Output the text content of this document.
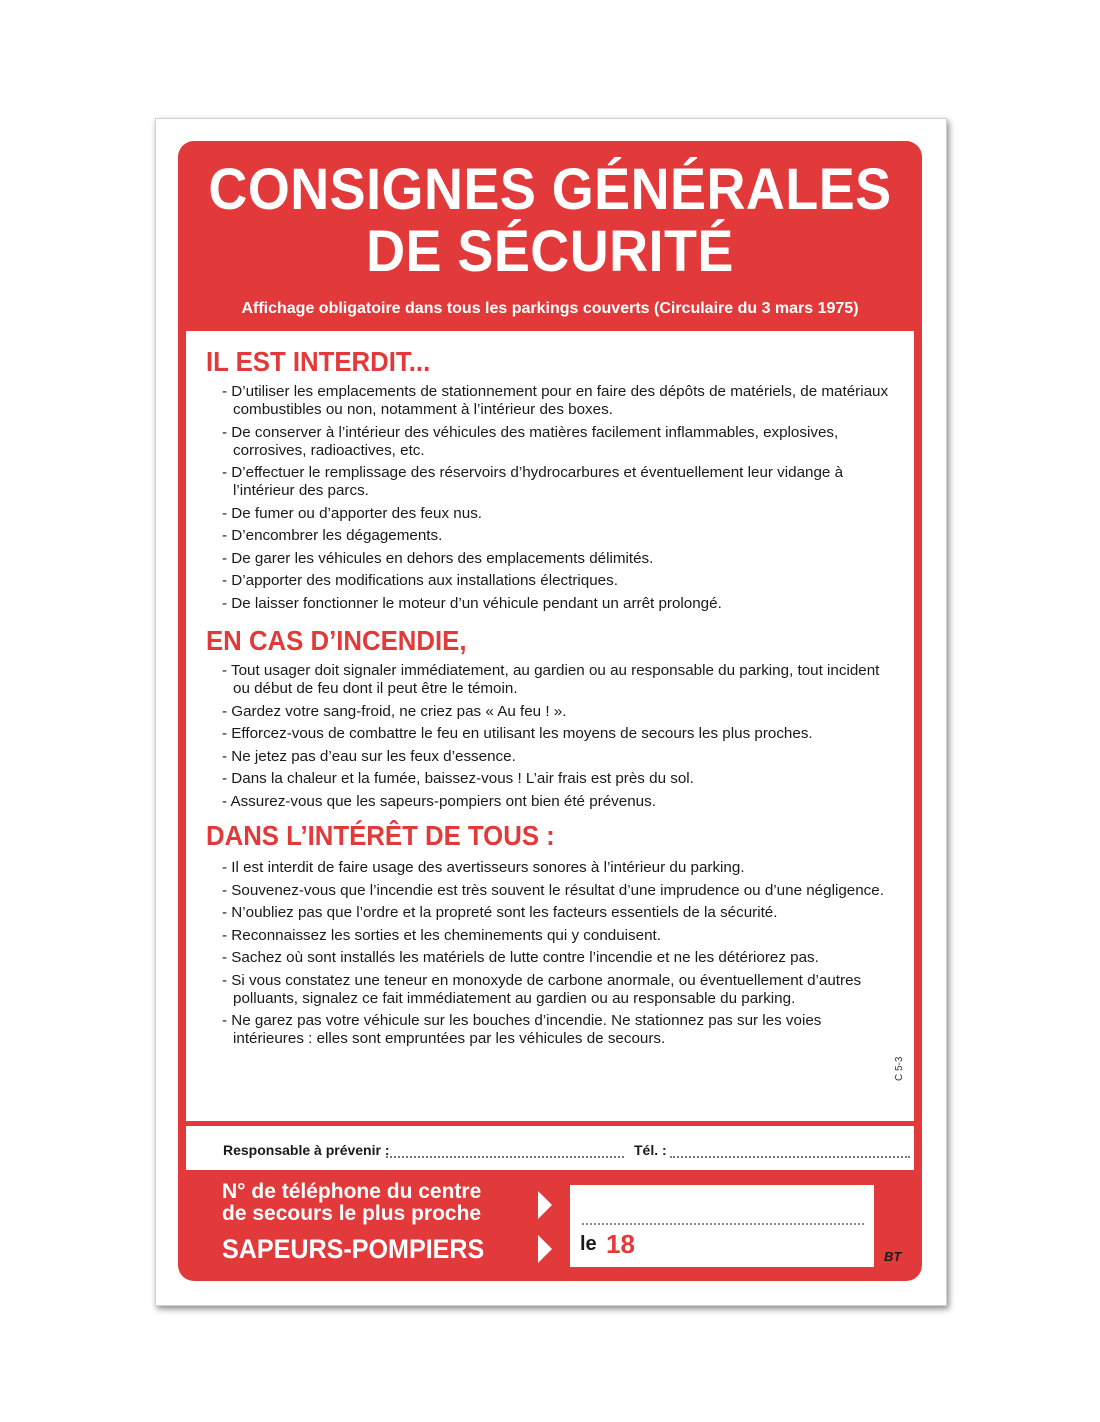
CONSIGNES GÉNÉRALES
DE SÉCURITÉ
Affichage obligatoire dans tous les parkings couverts (Circulaire du 3 mars 1975)
IL EST INTERDIT...
- D’utiliser les emplacements de stationnement pour en faire des dépôts de matériels, de matériaux combustibles ou non, notamment à l’intérieur des boxes.
- De conserver à l’intérieur des véhicules des matières facilement inflammables, explosives, corrosives, radioactives, etc.
- D’effectuer le remplissage des réservoirs d’hydrocarbures et éventuellement leur vidange à l’intérieur des parcs.
- De fumer ou d’apporter des feux nus.
- D’encombrer les dégagements.
- De garer les véhicules en dehors des emplacements délimités.
- D’apporter des modifications aux installations électriques.
- De laisser fonctionner le moteur d’un véhicule pendant un arrêt prolongé.
EN CAS D’INCENDIE,
- Tout usager doit signaler immédiatement, au gardien ou au responsable du parking, tout incident ou début de feu dont il peut être le témoin.
- Gardez votre sang-froid, ne criez pas « Au feu ! ».
- Efforcez-vous de combattre le feu en utilisant les moyens de secours les plus proches.
- Ne jetez pas d’eau sur les feux d’essence.
- Dans la chaleur et la fumée, baissez-vous ! L’air frais est près du sol.
- Assurez-vous que les sapeurs-pompiers ont bien été prévenus.
DANS L’INTÉRÊT DE TOUS :
- Il est interdit de faire usage des avertisseurs sonores à l’intérieur du parking.
- Souvenez-vous que l’incendie est très souvent le résultat d’une imprudence ou d’une négligence.
- N’oubliez pas que l’ordre et la propreté sont les facteurs essentiels de la sécurité.
- Reconnaissez les sorties et les cheminements qui y conduisent.
- Sachez où sont installés les matériels de lutte contre l’incendie et ne les détériorez pas.
- Si vous constatez une teneur en monoxyde de carbone anormale, ou éventuellement d’autres polluants, signalez ce fait immédiatement au gardien ou au responsable du parking.
- Ne garez pas votre véhicule sur les bouches d’incendie. Ne stationnez pas sur les voies intérieures : elles sont empruntées par les véhicules de secours.
C 5-3
Responsable à prévenir :	Tél. :
N° de téléphone du centre
de secours le plus proche
SAPEURS-POMPIERS	le 18	BT
